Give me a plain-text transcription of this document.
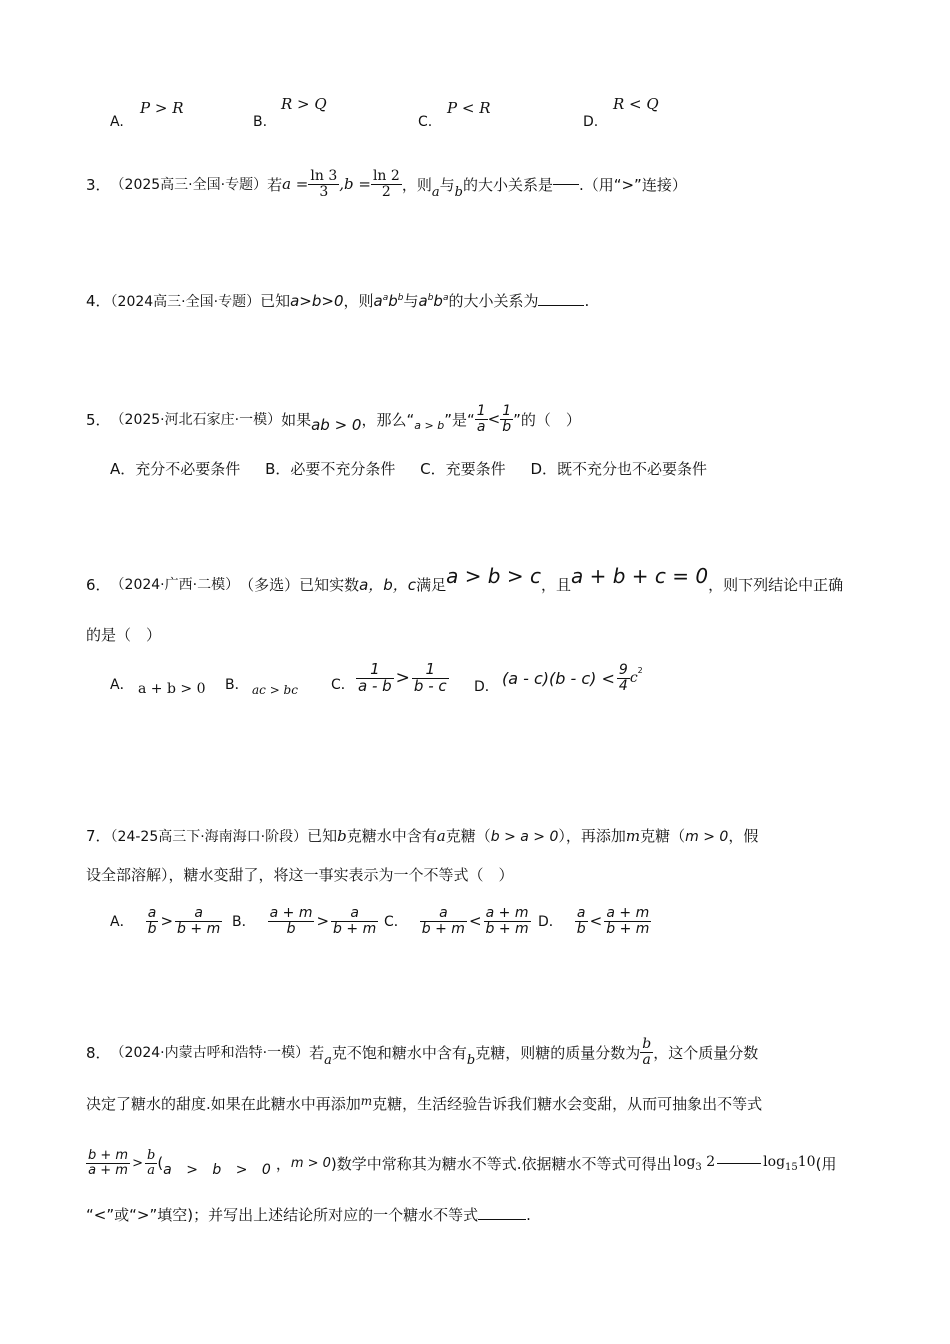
A.
P > R
B.
R > Q
C.
P < R
D.
R < Q
3． （2025高三·全国·专题） 若 $a = \frac{\ln 3}{3} ,b = \frac{\ln 2}{2}$ ，则 a 与 b 的大小关系是 .（用“>”连接）
4．（2024高三·全国·专题）已知a>b>0，则$a^ab^b$与$a^bb^a$的大小关系为	.
5． （2025·河北石家庄·一模） 如果 ab > 0 ，那么“ a > b ”是“ $\frac{1}{a} < \frac{1}{b}$ ”的（　）
A．充分不必要条件 B．必要不充分条件 C．充要条件 D．既不充分也不必要条件
6． （2024·广西·二模） （多选）已知实数 a，b，c 满足 a > b > c ，且 a + b + c = 0 ，则下列结论中正确
的是（　）
A． a + b > 0 B． ac > bc C． $\frac{1}{a - b} > \frac{1}{b - c}$ D． $(a - c)(b - c) < \frac{9}{4}$ c 2
7．（24-25高三下·海南海口·阶段）已知b克糖水中含有a克糖（b > a > 0），再添加m克糖（m > 0，假
设全部溶解），糖水变甜了，将这一事实表示为一个不等式（　）
A． $\frac{a}{b} > \frac{a}{b + m}$ B． $\frac{a + m}{b} > \frac{a}{b + m}$ C． $\frac{a}{b + m} < \frac{a + m}{b + m}$ D． $\frac{a}{b} < \frac{a + m}{b + m}$
8． （2024·内蒙古呼和浩特·一模） 若 a 克不饱和糖水中含有 b 克糖，则糖的质量分数为 $\frac{b}{a}$ ，这个质量分数
决定了糖水的甜度.如果在此糖水中再添加$^m$克糖，生活经验告诉我们糖水会变甜，从而可抽象出不等式
$\frac{b + m}{a + m} > \frac{b}{a}$ ( a > b > 0 ， m > 0 )数学中常称其为糖水不等式.依据糖水不等式可得出 $\log_3 2$	$\log_{15}10$ (用
“<”或“>”填空)；并写出上述结论所对应的一个糖水不等式	.
